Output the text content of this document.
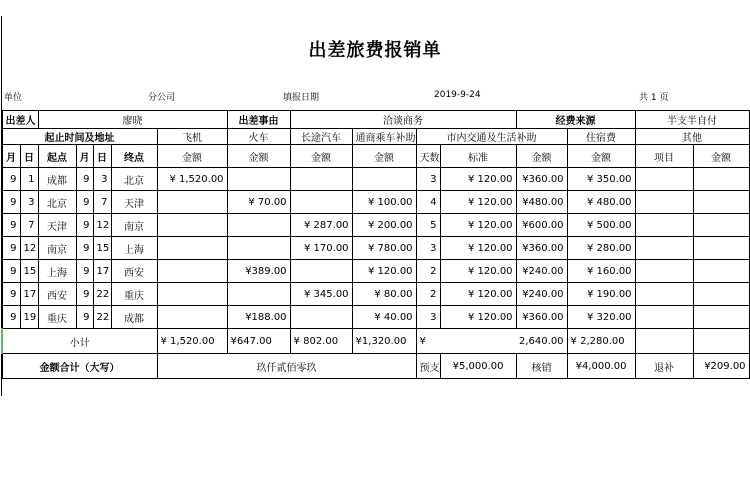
出差旅费报销单
单位	分公司	填报日期	2019-9-24	共 1 页
出差人		廖晓					出差事由	洽谈商务				经费来源		半支半自付	
起止时间及地址						飞机	火车	长途汽车	通商乘车补助	市内交通及生活补助			住宿费	其他	
月	日	起点	月	日	终点	金额	金额	金额	金额	天数	标准	金额	金额	项目	金额
9	1	成都	9	3	北京	¥ 1,520.00				3	¥ 120.00	¥360.00	¥ 350.00		
9	3	北京	9	7	天津		¥ 70.00		¥ 100.00	4	¥ 120.00	¥480.00	¥ 480.00		
9	7	天津	9	12	南京			¥ 287.00	¥ 200.00	5	¥ 120.00	¥600.00	¥ 500.00		
9	12	南京	9	15	上海			¥ 170.00	¥ 780.00	3	¥ 120.00	¥360.00	¥ 280.00		
9	15	上海	9	17	西安		¥389.00		¥ 120.00	2	¥ 120.00	¥240.00	¥ 160.00		
9	17	西安	9	22	重庆			¥ 345.00	¥ 80.00	2	¥ 120.00	¥240.00	¥ 190.00		
9	19	重庆	9	22	成都		¥188.00		¥ 40.00	3	¥ 120.00	¥360.00	¥ 320.00		
小计						¥ 1,520.00	¥647.00	¥ 802.00	¥1,320.00	¥ 2,640.00			¥ 2,280.00		
金额合计（大写）						玖仟贰佰零玖				预支	¥5,000.00	核销	¥4,000.00	退补	¥209.00
